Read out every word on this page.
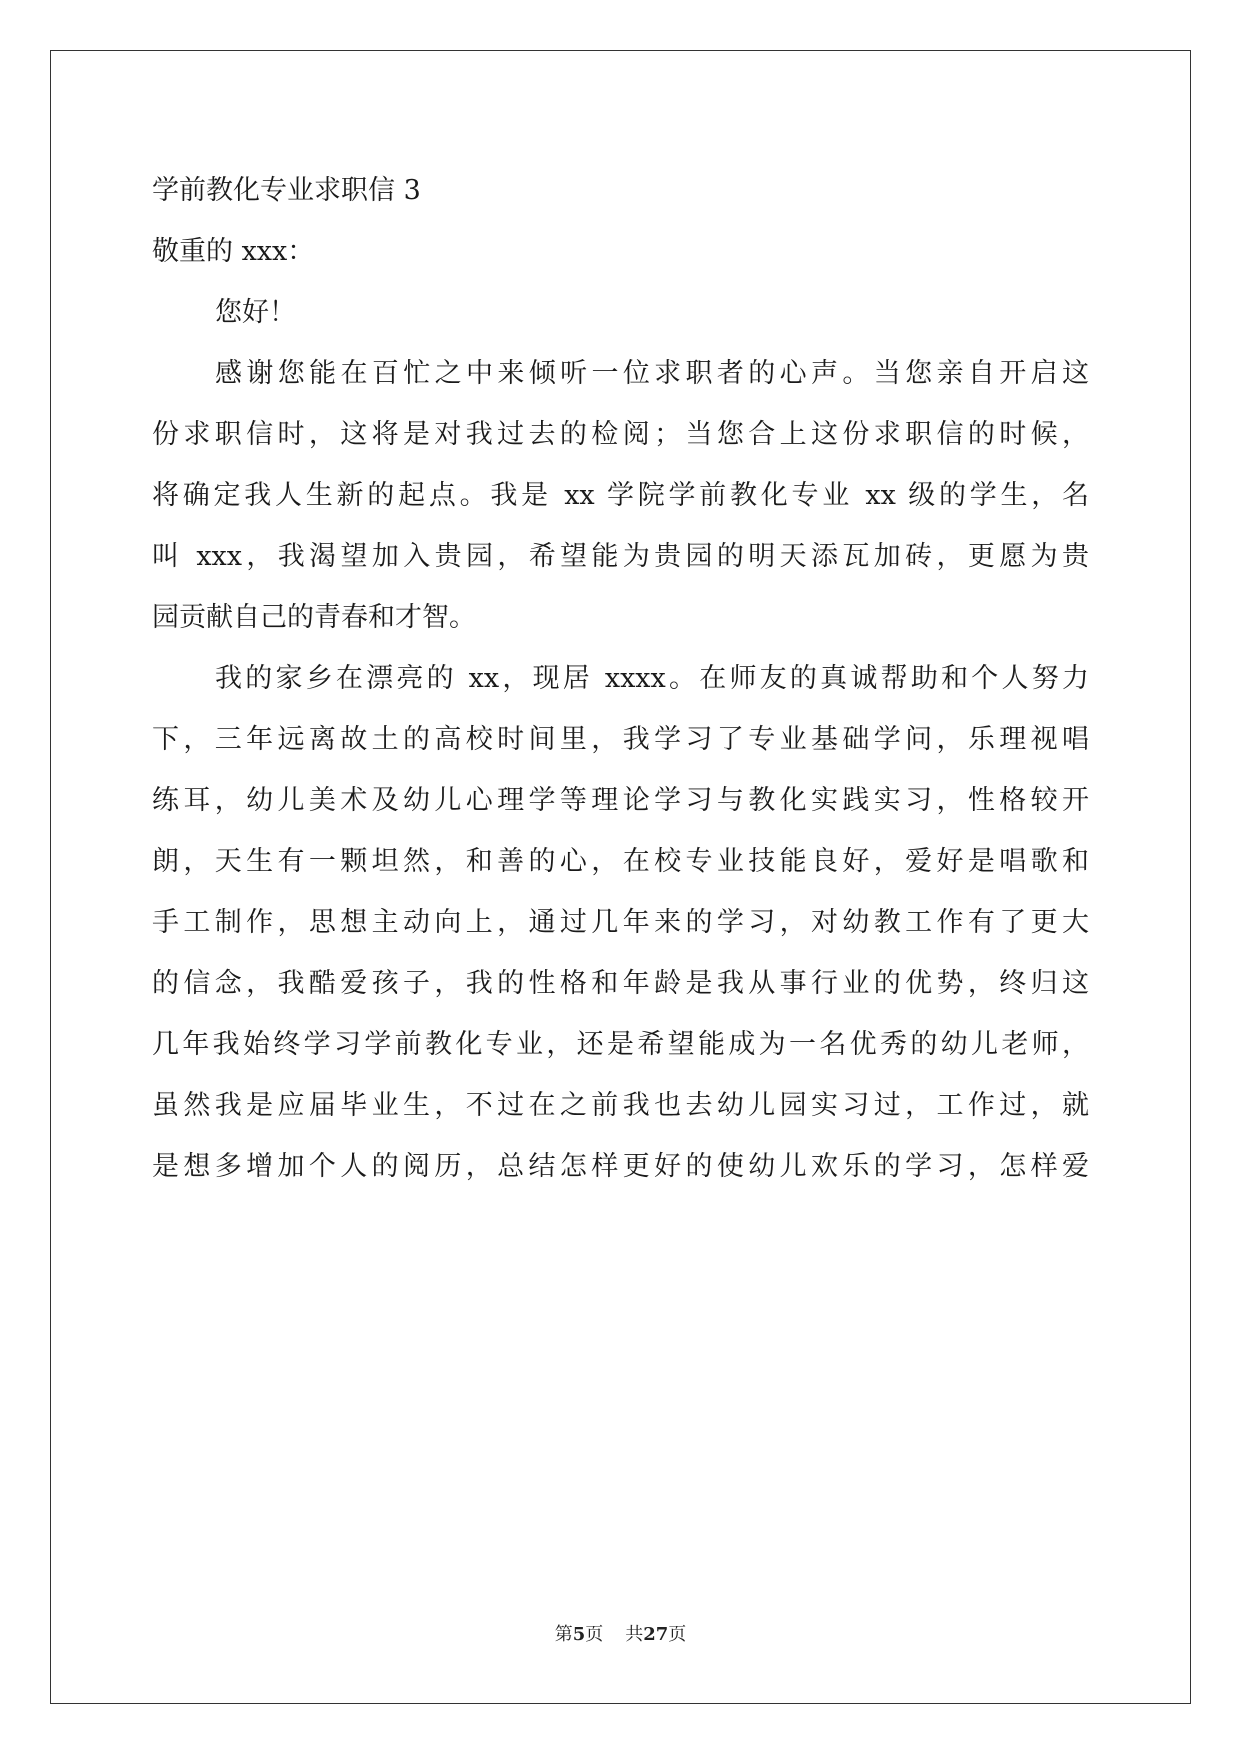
学前教化专业求职信 3
敬重的 xxx：
您好！
感谢您能在百忙之中来倾听一位求职者的心声。当您亲自开启这
份求职信时，这将是对我过去的检阅；当您合上这份求职信的时候，
将确定我人生新的起点。我是 xx 学院学前教化专业 xx 级的学生，名
叫 xxx，我渴望加入贵园，希望能为贵园的明天添瓦加砖，更愿为贵
园贡献自己的青春和才智。
我的家乡在漂亮的 xx，现居 xxxx。在师友的真诚帮助和个人努力
下，三年远离故土的高校时间里，我学习了专业基础学问，乐理视唱
练耳，幼儿美术及幼儿心理学等理论学习与教化实践实习，性格较开
朗，天生有一颗坦然，和善的心，在校专业技能良好，爱好是唱歌和
手工制作，思想主动向上，通过几年来的学习，对幼教工作有了更大
的信念，我酷爱孩子，我的性格和年龄是我从事行业的优势，终归这
几年我始终学习学前教化专业，还是希望能成为一名优秀的幼儿老师，
虽然我是应届毕业生，不过在之前我也去幼儿园实习过，工作过，就
是想多增加个人的阅历，总结怎样更好的使幼儿欢乐的学习，怎样爱
第5页 共27页
